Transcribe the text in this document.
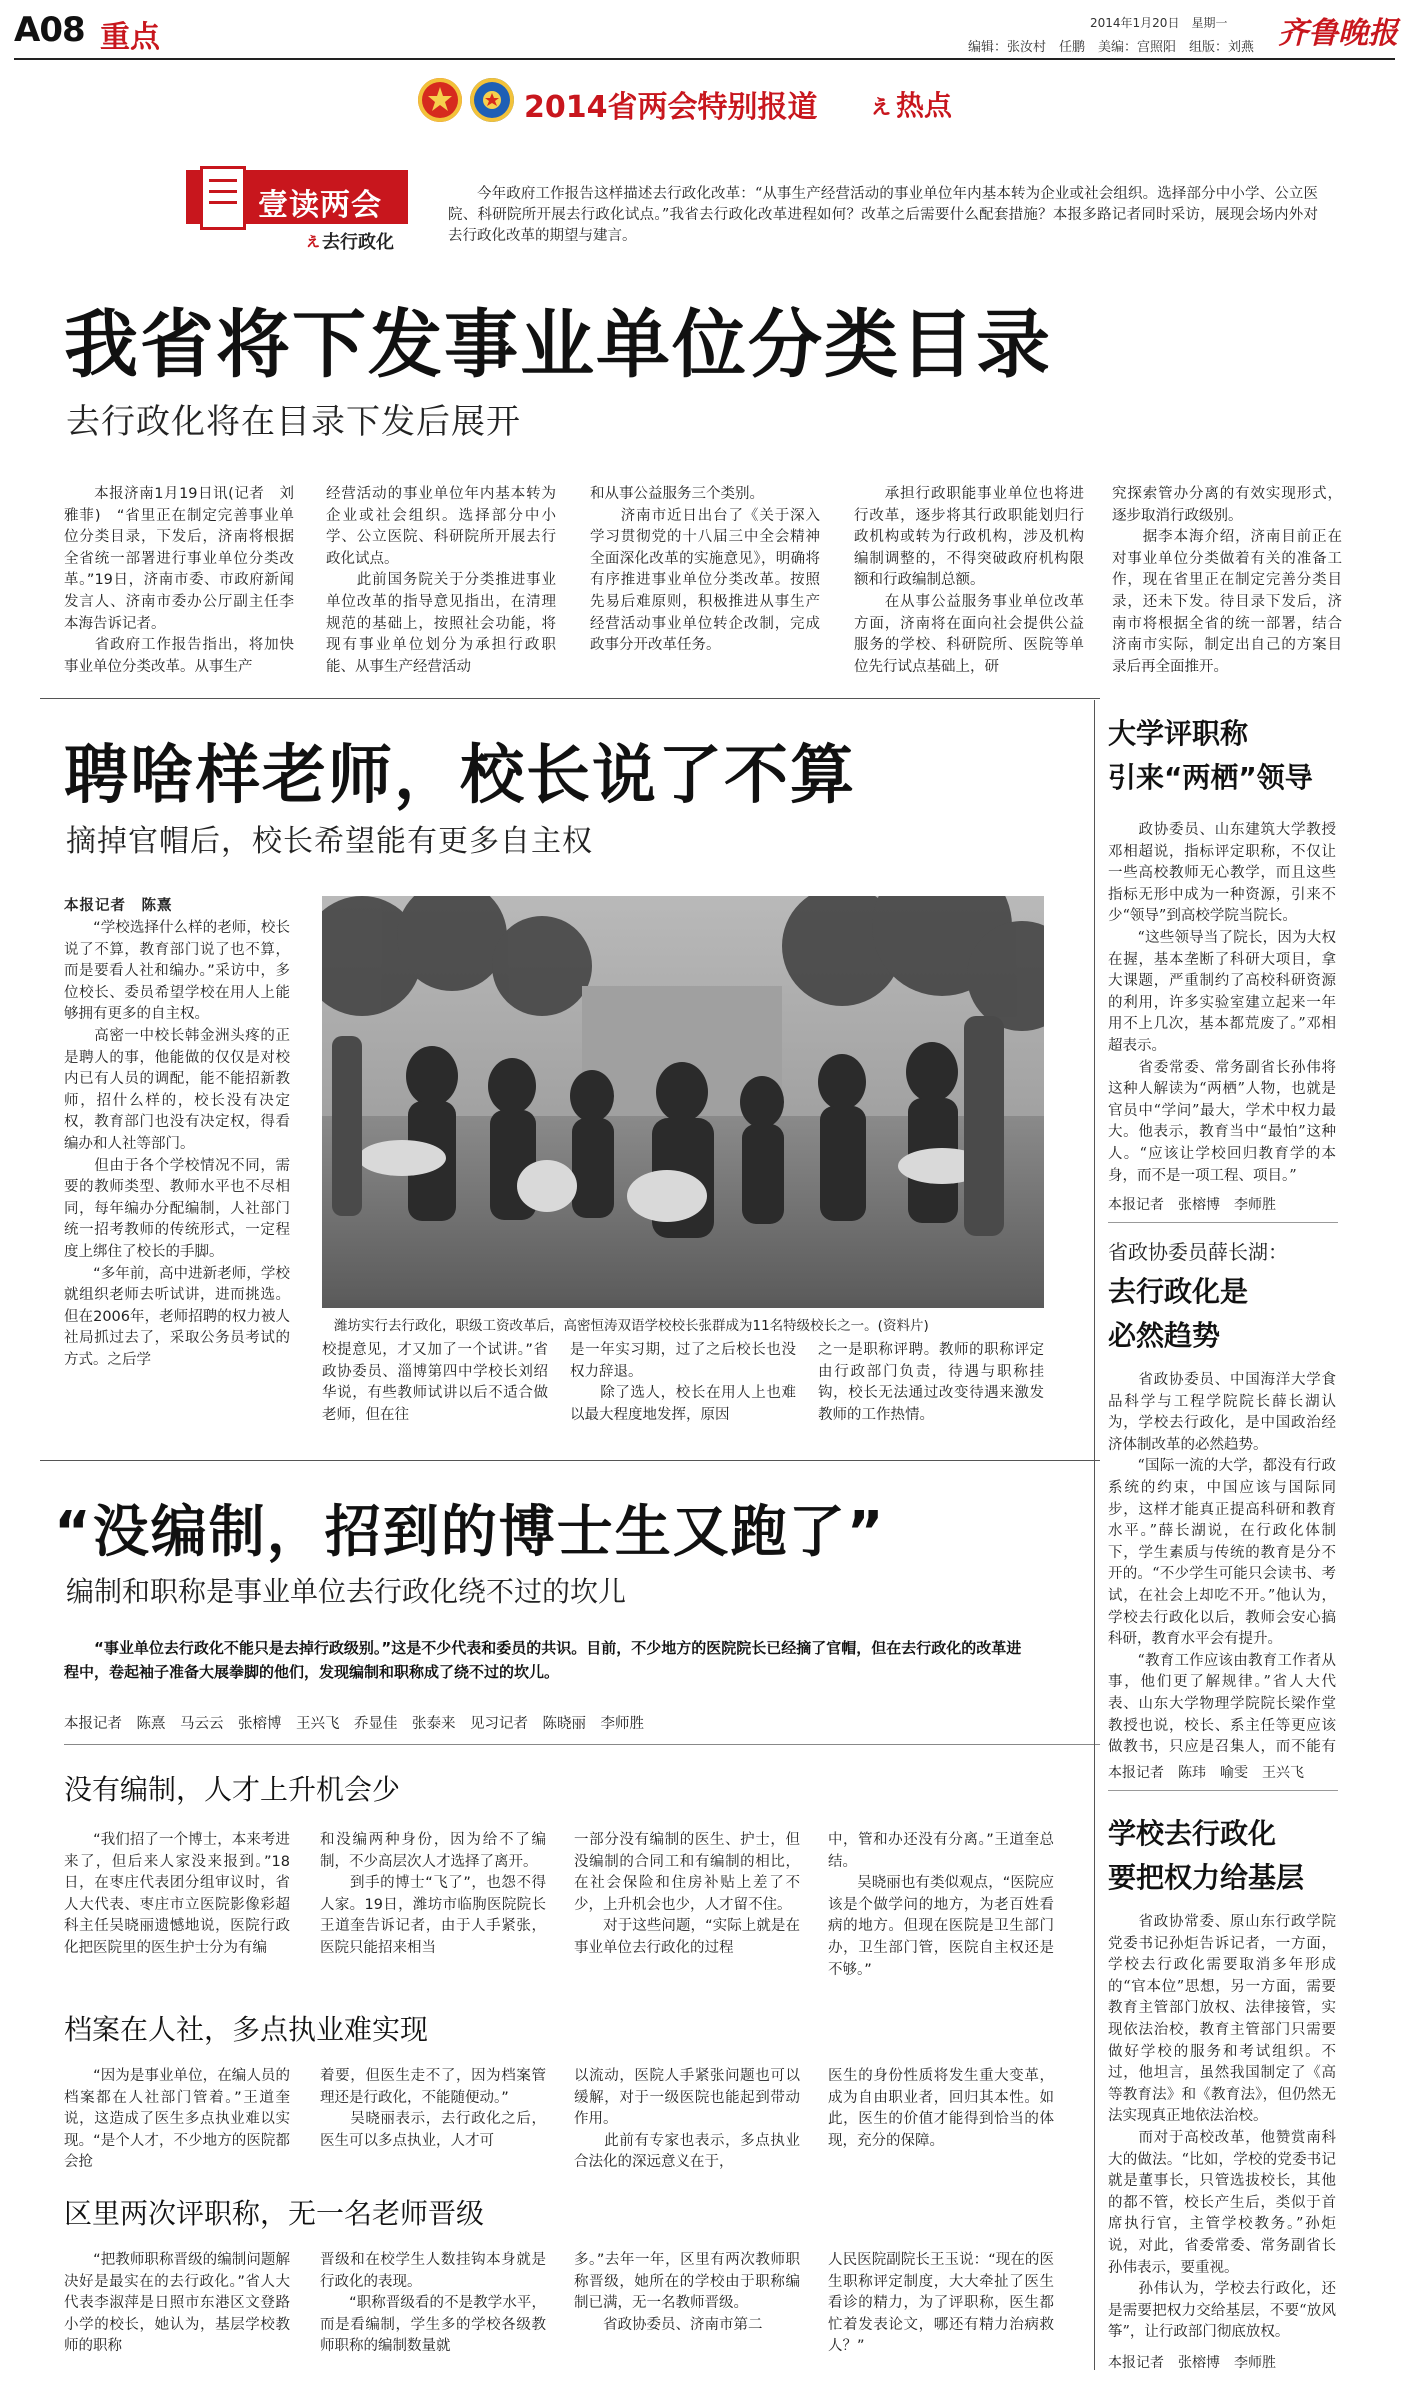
A08 重点	2014年1月20日　星期一
编辑：张汝村　任鹏　美编：宫照阳　组版：刘燕 齐鲁晚报
2014省两会特别报道 ぇ 热点
壹读两会
去行政化
ぇ
今年政府工作报告这样描述去行政化改革：“从事生产经营活动的事业单位年内基本转为企业或社会组织。选择部分中小学、公立医院、科研院所开展去行政化试点。”我省去行政化改革进程如何？改革之后需要什么配套措施？本报多路记者同时采访，展现会场内外对去行政化改革的期望与建言。
我省将下发事业单位分类目录
去行政化将在目录下发后展开
　　本报济南1月19日讯(记者　刘雅菲)　“省里正在制定完善事业单位分类目录，下发后，济南将根据全省统一部署进行事业单位分类改革。”19日，济南市委、市政府新闻发言人、济南市委办公厅副主任李本海告诉记者。
　　省政府工作报告指出，将加快事业单位分类改革。从事生产
经营活动的事业单位年内基本转为企业或社会组织。选择部分中小学、公立医院、科研院所开展去行政化试点。
　　此前国务院关于分类推进事业单位改革的指导意见指出，在清理规范的基础上，按照社会功能，将现有事业单位划分为承担行政职能、从事生产经营活动
和从事公益服务三个类别。
　　济南市近日出台了《关于深入学习贯彻党的十八届三中全会精神全面深化改革的实施意见》，明确将有序推进事业单位分类改革。按照先易后难原则，积极推进从事生产经营活动事业单位转企改制，完成政事分开改革任务。
　　承担行政职能事业单位也将进行改革，逐步将其行政职能划归行政机构或转为行政机构，涉及机构编制调整的，不得突破政府机构限额和行政编制总额。
　　在从事公益服务事业单位改革方面，济南将在面向社会提供公益服务的学校、科研院所、医院等单位先行试点基础上，研
究探索管办分离的有效实现形式，逐步取消行政级别。
　　据李本海介绍，济南目前正在对事业单位分类做着有关的准备工作，现在省里正在制定完善分类目录，还未下发。待目录下发后，济南市将根据全省的统一部署，结合济南市实际，制定出自己的方案目录后再全面推开。
聘啥样老师，校长说了不算
摘掉官帽后，校长希望能有更多自主权
本报记者　陈熹
　　“学校选择什么样的老师，校长说了不算，教育部门说了也不算，而是要看人社和编办。”采访中，多位校长、委员希望学校在用人上能够拥有更多的自主权。
　　高密一中校长韩金洲头疼的正是聘人的事，他能做的仅仅是对校内已有人员的调配，能不能招新教师，招什么样的，校长没有决定权，教育部门也没有决定权，得看编办和人社等部门。
　　但由于各个学校情况不同，需要的教师类型、教师水平也不尽相同，每年编办分配编制，人社部门统一招考教师的传统形式，一定程度上绑住了校长的手脚。
　　“多年前，高中进新老师，学校就组织老师去听试讲，进而挑选。但在2006年，老师招聘的权力被人社局抓过去了，采取公务员考试的方式。之后学
潍坊实行去行政化，职级工资改革后，高密恒涛双语学校校长张群成为11名特级校长之一。(资料片)
校提意见，才又加了一个试讲。”省政协委员、淄博第四中学校长刘绍华说，有些教师试讲以后不适合做老师，但在往
是一年实习期，过了之后校长也没权力辞退。
　　除了选人，校长在用人上也难以最大程度地发挥，原因
之一是职称评聘。教师的职称评定由行政部门负责，待遇与职称挂钩，校长无法通过改变待遇来激发教师的工作热情。
“没编制，招到的博士生又跑了”
编制和职称是事业单位去行政化绕不过的坎儿
　　“事业单位去行政化不能只是去掉行政级别。”这是不少代表和委员的共识。目前，不少地方的医院院长已经摘了官帽，但在去行政化的改革进程中，卷起袖子准备大展拳脚的他们，发现编制和职称成了绕不过的坎儿。
本报记者　陈熹　马云云　张榕博　王兴飞　乔显佳　张泰来　见习记者　陈晓丽　李师胜
没有编制，人才上升机会少
　　“我们招了一个博士，本来考进来了，但后来人家没来报到。”18日，在枣庄代表团分组审议时，省人大代表、枣庄市立医院影像彩超科主任吴晓丽遗憾地说，医院行政化把医院里的医生护士分为有编
和没编两种身份，因为给不了编制，不少高层次人才选择了离开。
　　到手的博士“飞了”，也怨不得人家。19日，潍坊市临朐医院院长王道奎告诉记者，由于人手紧张，医院只能招来相当
一部分没有编制的医生、护士，但没编制的合同工和有编制的相比，在社会保险和住房补贴上差了不少，上升机会也少，人才留不住。
　　对于这些问题，“实际上就是在事业单位去行政化的过程
中，管和办还没有分离。”王道奎总结。
　　吴晓丽也有类似观点，“医院应该是个做学问的地方，为老百姓看病的地方。但现在医院是卫生部门办，卫生部门管，医院自主权还是不够。”
档案在人社，多点执业难实现
　　“因为是事业单位，在编人员的档案都在人社部门管着。”王道奎说，这造成了医生多点执业难以实现。“是个人才，不少地方的医院都会抢
着要，但医生走不了，因为档案管理还是行政化，不能随便动。”
　　吴晓丽表示，去行政化之后，医生可以多点执业，人才可
以流动，医院人手紧张问题也可以缓解，对于一级医院也能起到带动作用。
　　此前有专家也表示，多点执业合法化的深远意义在于，
医生的身份性质将发生重大变革，成为自由职业者，回归其本性。如此，医生的价值才能得到恰当的体现，充分的保障。
区里两次评职称，无一名老师晋级
　　“把教师职称晋级的编制问题解决好是最实在的去行政化。”省人大代表李淑萍是日照市东港区文登路小学的校长，她认为，基层学校教师的职称
晋级和在校学生人数挂钩本身就是行政化的表现。
　　“职称晋级看的不是教学水平，而是看编制，学生多的学校各级教师职称的编制数量就
多。”去年一年，区里有两次教师职称晋级，她所在的学校由于职称编制已满，无一名教师晋级。
　　省政协委员、济南市第二
人民医院副院长王玉说：“现在的医生职称评定制度，大大牵扯了医生看诊的精力，为了评职称，医生都忙着发表论文，哪还有精力治病救人？”
大学评职称
引来“两栖”领导
　　政协委员、山东建筑大学教授邓相超说，指标评定职称，不仅让一些高校教师无心教学，而且这些指标无形中成为一种资源，引来不少“领导”到高校学院当院长。
　　“这些领导当了院长，因为大权在握，基本垄断了科研大项目，拿大课题，严重制约了高校科研资源的利用，许多实验室建立起来一年用不上几次，基本都荒废了。”邓相超表示。
　　省委常委、常务副省长孙伟将这种人解读为“两栖”人物，也就是官员中“学问”最大，学术中权力最大。他表示，教育当中“最怕”这种人。“应该让学校回归教育学的本身，而不是一项工程、项目。”
本报记者　张榕博　李师胜
省政协委员薛长湖：
去行政化是
必然趋势
　　省政协委员、中国海洋大学食品科学与工程学院院长薛长湖认为，学校去行政化，是中国政治经济体制改革的必然趋势。
　　“国际一流的大学，都没有行政系统的约束，中国应该与国际同步，这样才能真正提高科研和教育水平。”薛长湖说，在行政化体制下，学生素质与传统的教育是分不开的。“不少学生可能只会读书、考试，在社会上却吃不开。”他认为，学校去行政化以后，教师会安心搞科研，教育水平会有提升。
　　“教育工作应该由教育工作者从事，他们更了解规律。”省人大代表、山东大学物理学院院长梁作堂教授也说，校长、系主任等更应该做教书，只应是召集人，而不能有
本报记者　陈玮　喻雯　王兴飞
学校去行政化
要把权力给基层
　　省政协常委、原山东行政学院党委书记孙炬告诉记者，一方面，学校去行政化需要取消多年形成的“官本位”思想，另一方面，需要教育主管部门放权、法律接管，实现依法治校，教育主管部门只需要做好学校的服务和考试组织。不过，他坦言，虽然我国制定了《高等教育法》和《教育法》，但仍然无法实现真正地依法治校。
　　而对于高校改革，他赞赏南科大的做法。“比如，学校的党委书记就是董事长，只管选拔校长，其他的都不管，校长产生后，类似于首席执行官，主管学校教务。”孙炬说，对此，省委常委、常务副省长孙伟表示，要重视。
　　孙伟认为，学校去行政化，还是需要把权力交给基层，不要“放风筝”，让行政部门彻底放权。
本报记者　张榕博　李师胜
